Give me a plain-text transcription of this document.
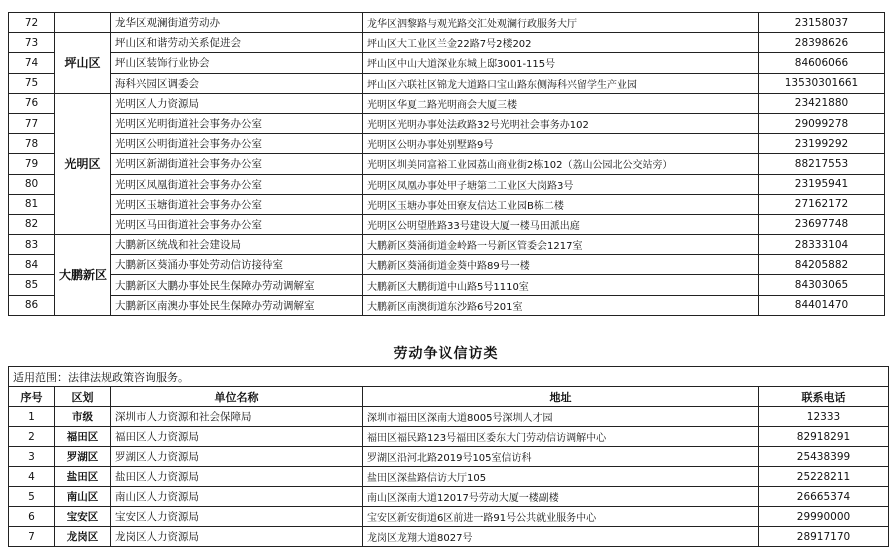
72		龙华区观澜街道劳动办	龙华区泗黎路与观光路交汇处观澜行政服务大厅	23158037
73	坪山区	坪山区和谐劳动关系促进会	坪山区大工业区兰金22路7号2楼202	28398626
74		坪山区装饰行业协会	坪山区中山大道深业东城上邸3001-115号	84606066
75		海科兴园区调委会	坪山区六联社区锦龙大道路口宝山路东侧海科兴留学生产业园	13530301661
76	光明区	光明区人力资源局	光明区华夏二路光明商会大厦三楼	23421880
77		光明区光明街道社会事务办公室	光明区光明办事处法政路32号光明社会事务办102	29099278
78		光明区公明街道社会事务办公室	光明区公明办事处别墅路9号	23199292
79		光明区新湖街道社会事务办公室	光明区圳美同富裕工业园荔山商业街2栋102（荔山公园北公交站旁）	88217553
80		光明区凤凰街道社会事务办公室	光明区凤凰办事处甲子塘第二工业区大岗路3号	23195941
81		光明区玉塘街道社会事务办公室	光明区玉塘办事处田寮友信达工业园B栋二楼	27162172
82		光明区马田街道社会事务办公室	光明区公明望胜路33号建设大厦一楼马田派出庭	23697748
83	大鹏新区	大鹏新区统战和社会建设局	大鹏新区葵涌街道金岭路一号新区管委会1217室	28333104
84		大鹏新区葵涌办事处劳动信访接待室	大鹏新区葵涌街道金葵中路89号一楼	84205882
85		大鹏新区大鹏办事处民生保障办劳动调解室	大鹏新区大鹏街道中山路5号1110室	84303065
86		大鹏新区南澳办事处民生保障办劳动调解室	大鹏新区南澳街道东沙路6号201室	84401470
劳动争议信访类
适用范围：法律法规政策咨询服务。				
序号	区划	单位名称	地址	联系电话
1	市级	深圳市人力资源和社会保障局	深圳市福田区深南大道8005号深圳人才园	12333
2	福田区	福田区人力资源局	福田区福民路123号福田区委东大门劳动信访调解中心	82918291
3	罗湖区	罗湖区人力资源局	罗湖区沿河北路2019号105室信访科	25438399
4	盐田区	盐田区人力资源局	盐田区深盐路信访大厅105	25228211
5	南山区	南山区人力资源局	南山区深南大道12017号劳动大厦一楼副楼	26665374
6	宝安区	宝安区人力资源局	宝安区新安街道6区前进一路91号公共就业服务中心	29990000
7	龙岗区	龙岗区人力资源局	龙岗区龙翔大道8027号	28917170
